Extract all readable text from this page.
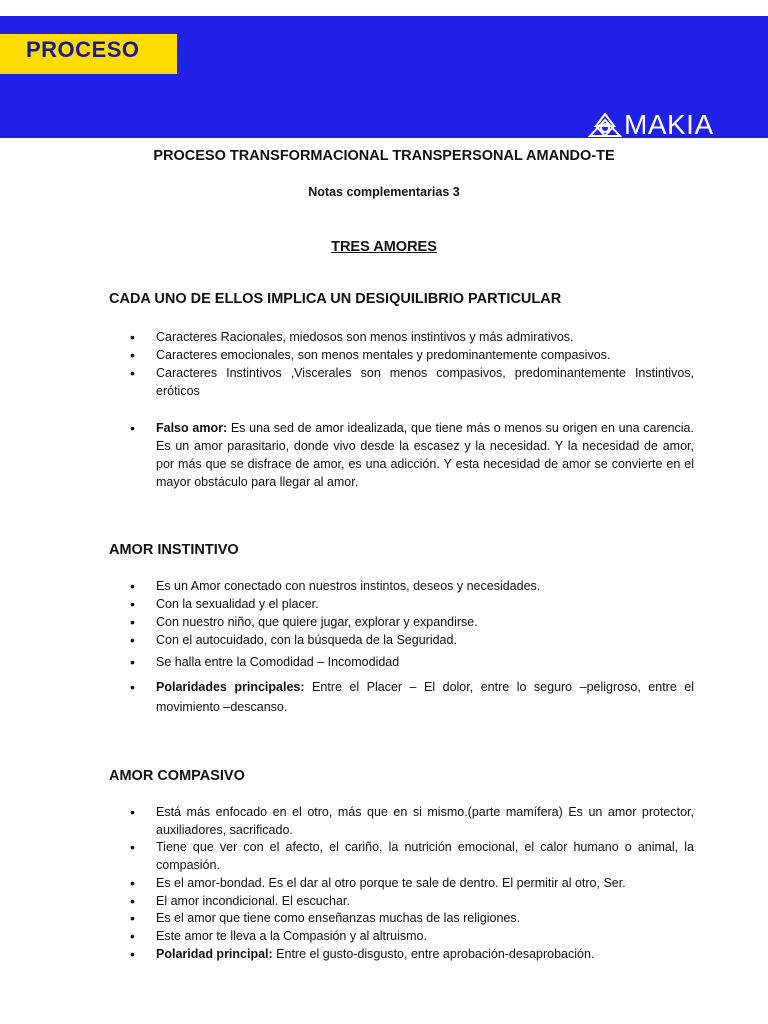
PROCESO
MAKIA
PROCESO TRANSFORMACIONAL TRANSPERSONAL AMANDO-TE
Notas complementarias 3
TRES AMORES
CADA UNO DE ELLOS IMPLICA UN DESIQUILIBRIO PARTICULAR
• Caracteres Racionales, miedosos son menos instintivos y más admirativos.
• Caracteres emocionales, son menos mentales y predominantemente compasivos.
• Caracteres Instintivos ,Viscerales son menos compasivos, predominantemente Instintivos, eróticos
• Falso amor: Es una sed de amor idealizada, que tiene más o menos su origen en una carencia. Es un amor parasitario, donde vivo desde la escasez y la necesidad. Y la necesidad de amor, por más que se disfrace de amor, es una adicción. Y esta necesidad de amor se convierte en el mayor obstáculo para llegar al amor.
AMOR INSTINTIVO
• Es un Amor conectado con nuestros instintos, deseos y necesidades.
• Con la sexualidad y el placer.
• Con nuestro niño, que quiere jugar, explorar y expandirse.
• Con el autocuidado, con la búsqueda de la Seguridad.
• Se halla entre la Comodidad – Incomodidad
• Polaridades principales: Entre el Placer – El dolor, entre lo seguro –peligroso, entre el movimiento –descanso.
AMOR COMPASIVO
• Está más enfocado en el otro, más que en si mismo.(parte mamífera) Es un amor protector, auxiliadores, sacrificado.
• Tiene que ver con el afecto, el cariño, la nutrición emocional, el calor humano o animal, la compasión.
• Es el amor-bondad. Es el dar al otro porque te sale de dentro. El permitir al otro, Ser.
• El amor incondicional. El escuchar.
• Es el amor que tiene como enseñanzas muchas de las religiones.
• Este amor te lleva a la Compasión y al altruismo.
• Polaridad principal: Entre el gusto-disgusto, entre aprobación-desaprobación.
